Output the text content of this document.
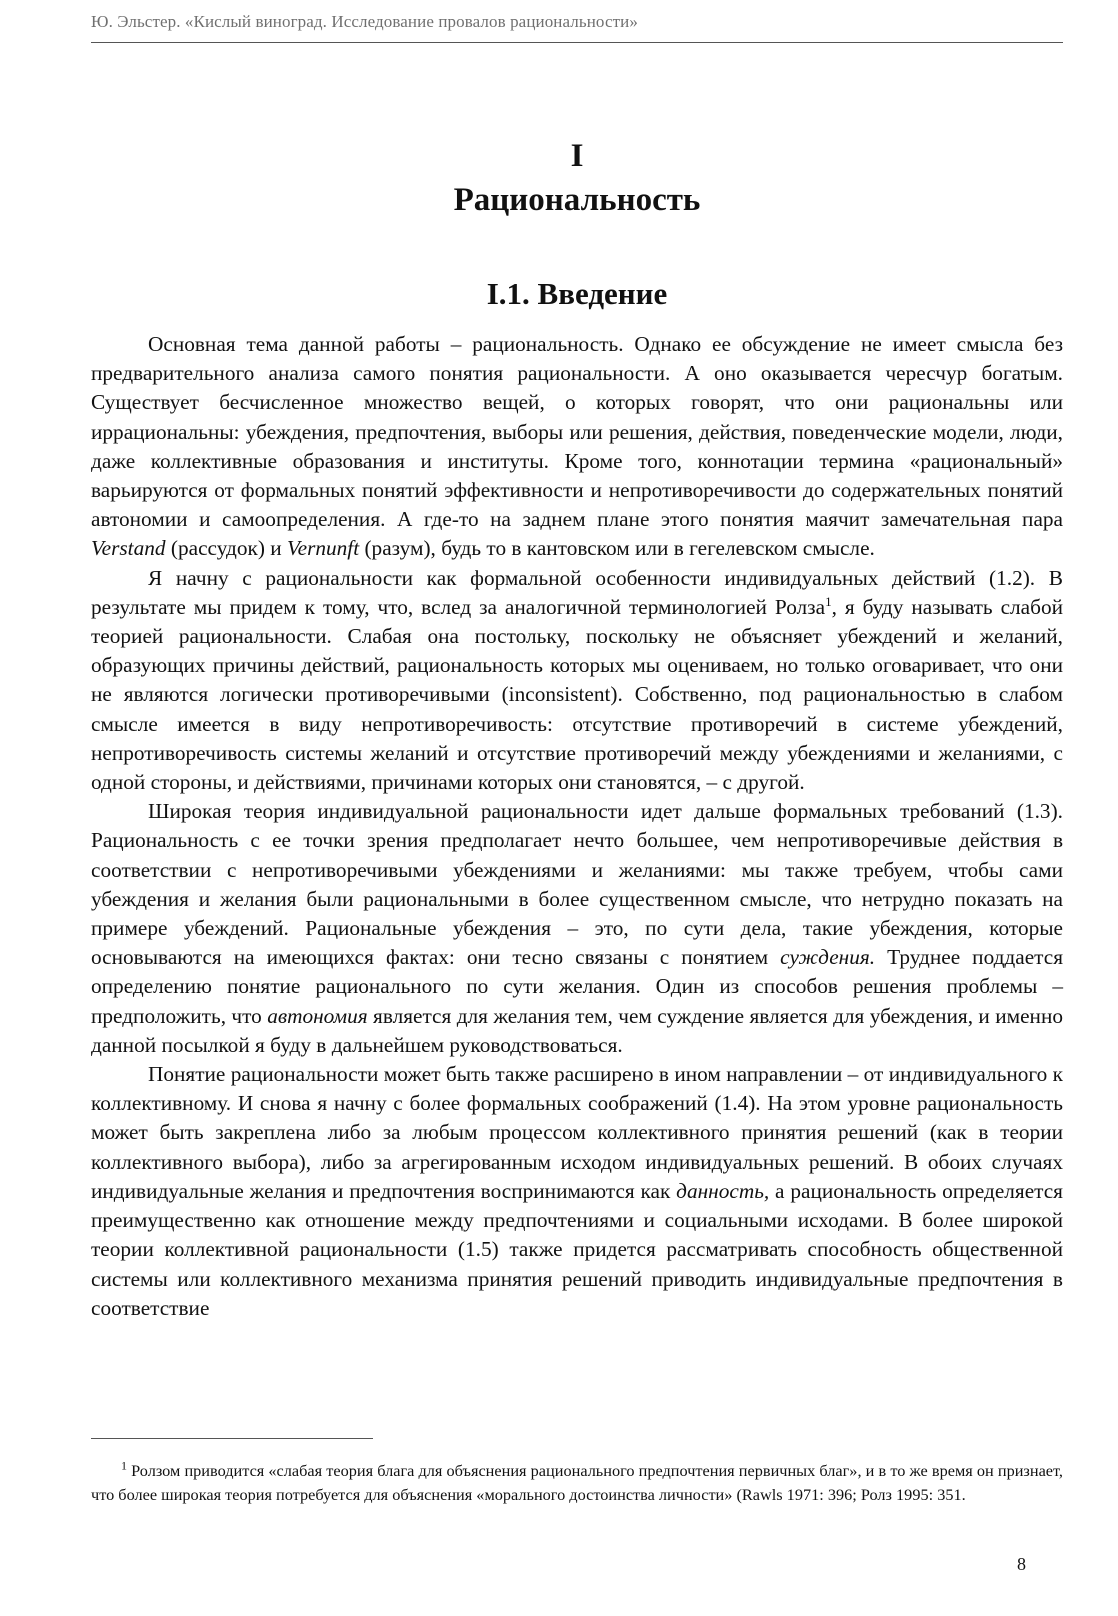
Ю. Эльстер. «Кислый виноград. Исследование провалов рациональности»
I
Рациональность
I.1. Введение

Основная тема данной работы – рациональность. Однако ее обсуждение не имеет смысла без предварительного анализа самого понятия рациональности. А оно оказывается чересчур богатым. Существует бесчисленное множество вещей, о которых говорят, что они рациональны или иррациональны: убеждения, предпочтения, выборы или решения, действия, поведенческие модели, люди, даже коллективные образования и институты. Кроме того, коннотации термина «рациональный» варьируются от формальных понятий эффективности и непротиворечивости до содержательных понятий автономии и самоопределения. А где-то на заднем плане этого понятия маячит замечательная пара Verstand (рассудок) и Vernunft (разум), будь то в кантовском или в гегелевском смысле.

Я начну с рациональности как формальной особенности индивидуальных действий (1.2). В результате мы придем к тому, что, вслед за аналогичной терминологией Ролза$^1$, я буду называть слабой теорией рациональности. Слабая она постольку, поскольку не объясняет убеждений и желаний, образующих причины действий, рациональность которых мы оцениваем, но только оговаривает, что они не являются логически противоречивыми (inconsistent). Собственно, под рациональностью в слабом смысле имеется в виду непротиворечивость: отсутствие противоречий в системе убеждений, непротиворечивость системы желаний и отсутствие противоречий между убеждениями и желаниями, с одной стороны, и действиями, причинами которых они становятся, – с другой.

Широкая теория индивидуальной рациональности идет дальше формальных требований (1.3). Рациональность с ее точки зрения предполагает нечто большее, чем непротиворечивые действия в соответствии с непротиворечивыми убеждениями и желаниями: мы также требуем, чтобы сами убеждения и желания были рациональными в более существенном смысле, что нетрудно показать на примере убеждений. Рациональные убеждения – это, по сути дела, такие убеждения, которые основываются на имеющихся фактах: они тесно связаны с понятием суждения. Труднее поддается определению понятие рационального по сути желания. Один из способов решения проблемы – предположить, что автономия является для желания тем, чем суждение является для убеждения, и именно данной посылкой я буду в дальнейшем руководствоваться.

Понятие рациональности может быть также расширено в ином направлении – от индивидуального к коллективному. И снова я начну с более формальных соображений (1.4). На этом уровне рациональность может быть закреплена либо за любым процессом коллективного принятия решений (как в теории коллективного выбора), либо за агрегированным исходом индивидуальных решений. В обоих случаях индивидуальные желания и предпочтения воспринимаются как данность, а рациональность определяется преимущественно как отношение между предпочтениями и социальными исходами. В более широкой теории коллективной рациональности (1.5) также придется рассматривать способность общественной системы или коллективного механизма принятия решений приводить индивидуальные предпочтения в соответствие

$^1$ Ролзом приводится «слабая теория блага для объяснения рационального предпочтения первичных благ», и в то же время он признает, что более широкая теория потребуется для объяснения «морального достоинства личности» (Rawls 1971: 396; Ролз 1995: 351.
8
